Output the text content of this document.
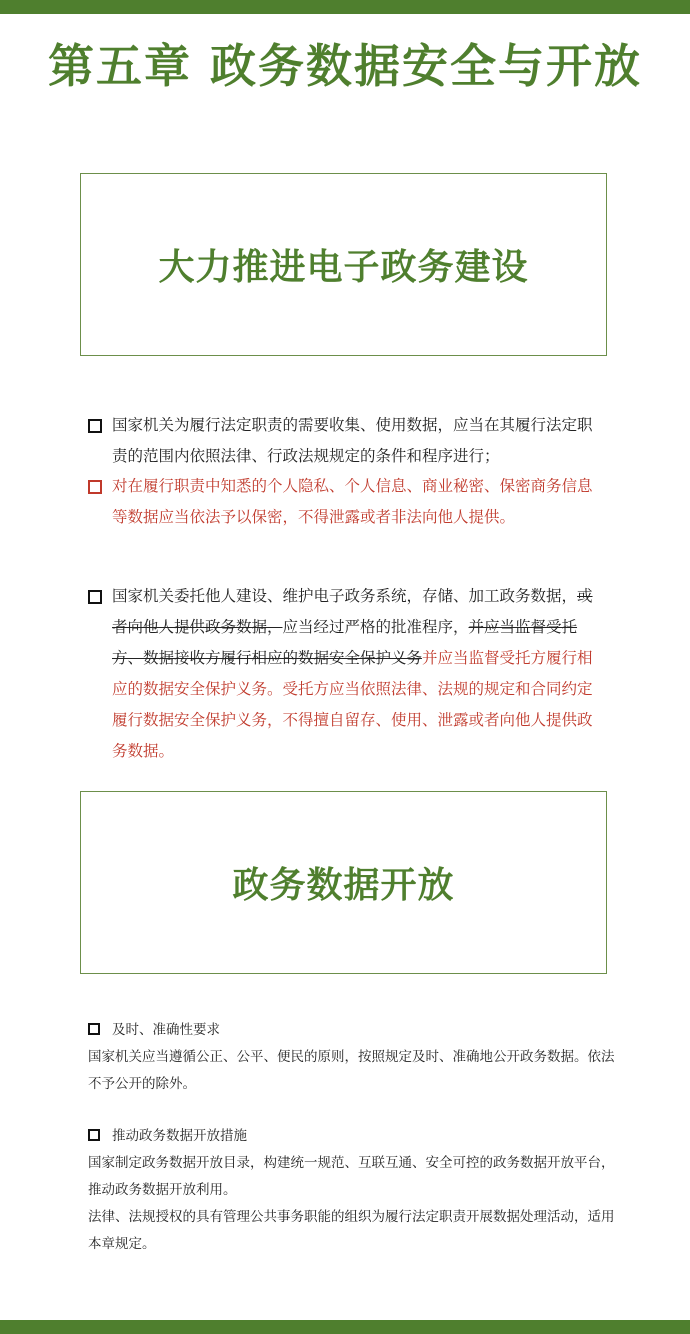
第五章 政务数据安全与开放
大力推进电子政务建设
国家机关为履行法定职责的需要收集、使用数据，应当在其履行法定职责的范围内依照法律、行政法规规定的条件和程序进行；
对在履行职责中知悉的个人隐私、个人信息、商业秘密、保密商务信息等数据应当依法予以保密，不得泄露或者非法向他人提供。
国家机关委托他人建设、维护电子政务系统，存储、加工政务数据，或者向他人提供政务数据，应当经过严格的批准程序，并应当监督受托方、数据接收方履行相应的数据安全保护义务并应当监督受托方履行相应的数据安全保护义务。受托方应当依照法律、法规的规定和合同约定履行数据安全保护义务，不得擅自留存、使用、泄露或者向他人提供政务数据。
政务数据开放
及时、准确性要求
国家机关应当遵循公正、公平、便民的原则，按照规定及时、准确地公开政务数据。依法不予公开的除外。
推动政务数据开放措施
国家制定政务数据开放目录，构建统一规范、互联互通、安全可控的政务数据开放平台，推动政务数据开放利用。
法律、法规授权的具有管理公共事务职能的组织为履行法定职责开展数据处理活动，适用本章规定。
